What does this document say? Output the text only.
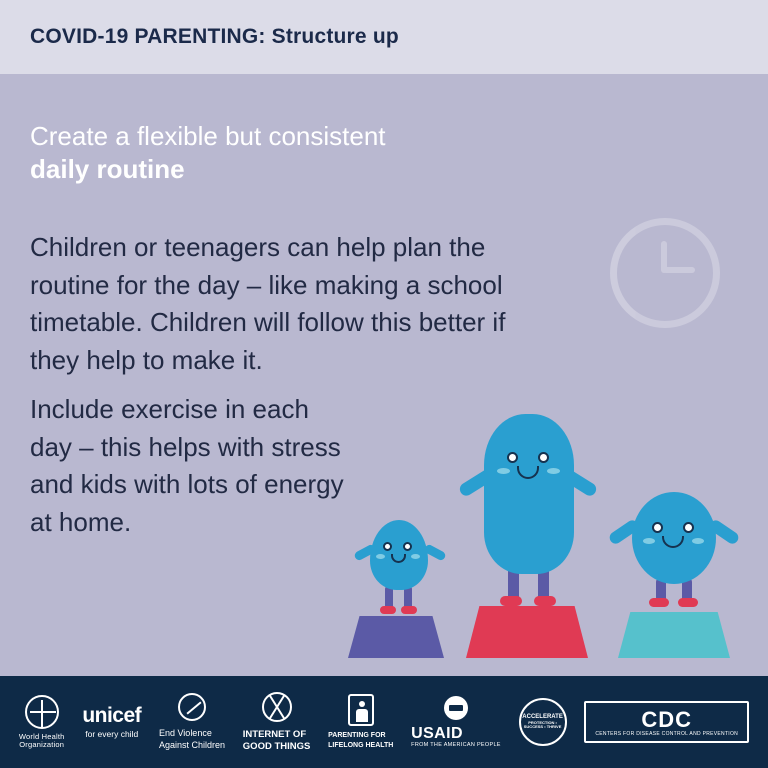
COVID-19 PARENTING: Structure up
Create a flexible but consistent daily routine
Children or teenagers can help plan the routine for the day – like making a school timetable. Children will follow this better if they help to make it.
Include exercise in each day – this helps with stress and kids with lots of energy at home.
World Health
Organization
unicef
for every child End Violence
Against Children
INTERNET OF
GOOD THINGS
PARENTING FOR
LIFELONG HEALTH
USAID
FROM THE AMERICAN PEOPLE
ACCELERATE
PROTECTION • SUCCESS • THRIVE	CDC
CENTERS FOR DISEASE CONTROL AND PREVENTION
